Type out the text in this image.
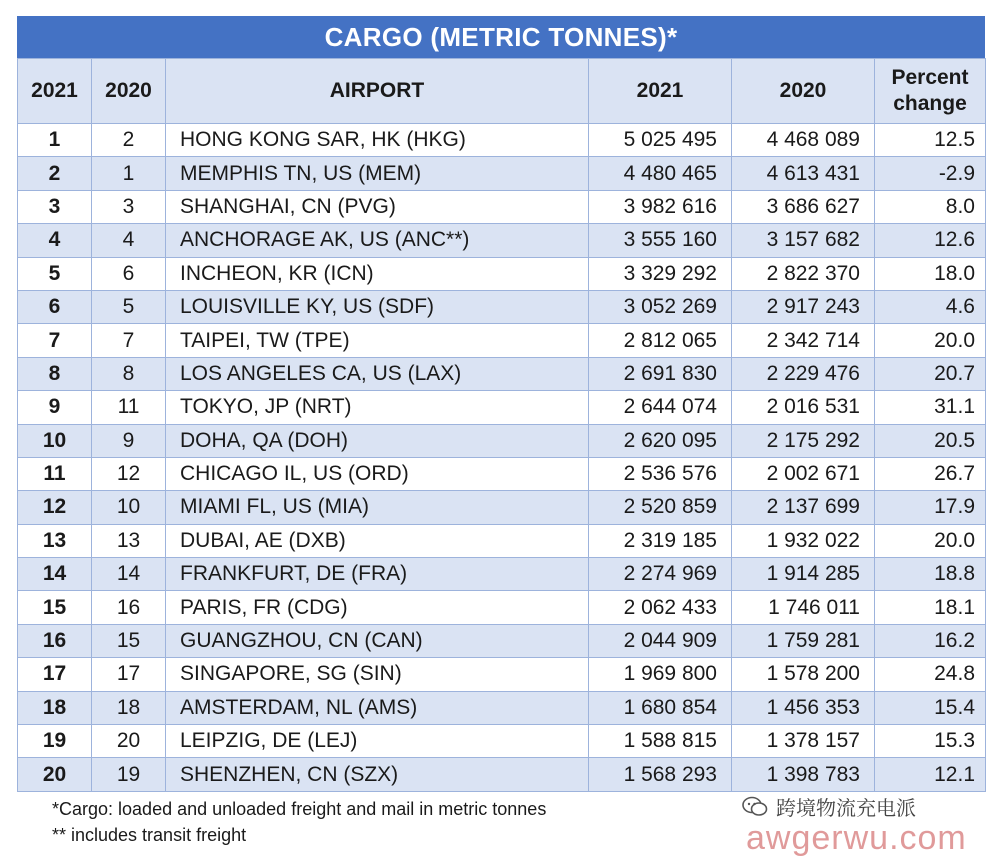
CARGO (METRIC TONNES)*
2021	2020	AIRPORT	2021	2020	Percent
change
1	2	HONG KONG SAR, HK (HKG)	5 025 495	4 468 089	12.5
2	1	MEMPHIS TN, US (MEM)	4 480 465	4 613 431	-2.9
3	3	SHANGHAI, CN (PVG)	3 982 616	3 686 627	8.0
4	4	ANCHORAGE AK, US (ANC**)	3 555 160	3 157 682	12.6
5	6	INCHEON, KR (ICN)	3 329 292	2 822 370	18.0
6	5	LOUISVILLE KY, US (SDF)	3 052 269	2 917 243	4.6
7	7	TAIPEI, TW (TPE)	2 812 065	2 342 714	20.0
8	8	LOS ANGELES CA, US (LAX)	2 691 830	2 229 476	20.7
9	11	TOKYO, JP (NRT)	2 644 074	2 016 531	31.1
10	9	DOHA, QA (DOH)	2 620 095	2 175 292	20.5
11	12	CHICAGO IL, US (ORD)	2 536 576	2 002 671	26.7
12	10	MIAMI FL, US (MIA)	2 520 859	2 137 699	17.9
13	13	DUBAI, AE (DXB)	2 319 185	1 932 022	20.0
14	14	FRANKFURT, DE (FRA)	2 274 969	1 914 285	18.8
15	16	PARIS, FR (CDG)	2 062 433	1 746 011	18.1
16	15	GUANGZHOU, CN (CAN)	2 044 909	1 759 281	16.2
17	17	SINGAPORE, SG (SIN)	1 969 800	1 578 200	24.8
18	18	AMSTERDAM, NL (AMS)	1 680 854	1 456 353	15.4
19	20	LEIPZIG, DE (LEJ)	1 588 815	1 378 157	15.3
20	19	SHENZHEN, CN (SZX)	1 568 293	1 398 783	12.1
*Cargo: loaded and unloaded freight and mail in metric tonnes
** includes transit freight
跨境物流充电派
awgerwu.com
